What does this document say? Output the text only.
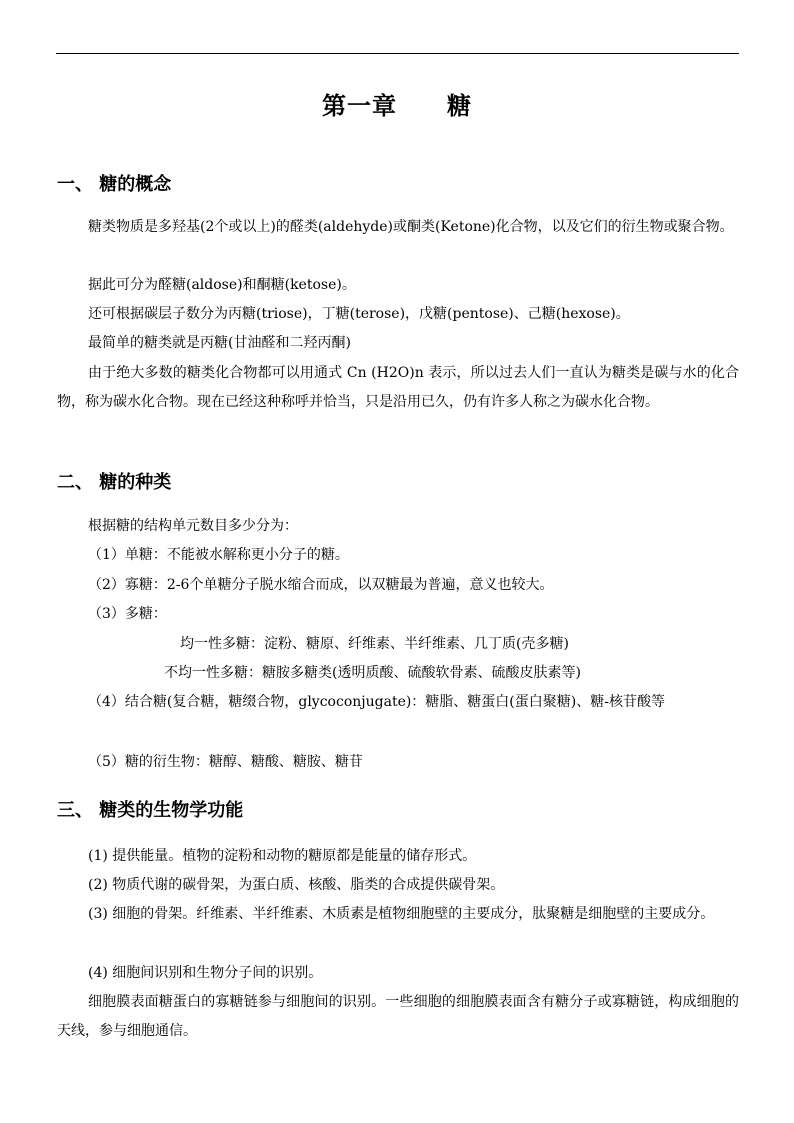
第一章　　糖
一、 糖的概念
糖类物质是多羟基(2个或以上)的醛类(aldehyde)或酮类(Ketone)化合物，以及它们的衍生物或聚合物。
据此可分为醛糖(aldose)和酮糖(ketose)。
还可根据碳层子数分为丙糖(triose)，丁糖(terose)，戊糖(pentose)、己糖(hexose)。
最简单的糖类就是丙糖(甘油醛和二羟丙酮)
由于绝大多数的糖类化合物都可以用通式 Cn (H2O)n 表示，所以过去人们一直认为糖类是碳与水的化合物，称为碳水化合物。现在已经这种称呼并恰当，只是沿用已久，仍有许多人称之为碳水化合物。
二、 糖的种类
根据糖的结构单元数目多少分为：
（1）单糖：不能被水解称更小分子的糖。
（2）寡糖：2-6个单糖分子脱水缩合而成，以双糖最为普遍，意义也较大。
（3）多糖：
均一性多糖：淀粉、糖原、纤维素、半纤维素、几丁质(壳多糖)
不均一性多糖：糖胺多糖类(透明质酸、硫酸软骨素、硫酸皮肤素等)
（4）结合糖(复合糖，糖缀合物，glycoconjugate)：糖脂、糖蛋白(蛋白聚糖)、糖-核苷酸等
（5）糖的衍生物：糖醇、糖酸、糖胺、糖苷
三、 糖类的生物学功能
(1) 提供能量。植物的淀粉和动物的糖原都是能量的储存形式。
(2) 物质代谢的碳骨架，为蛋白质、核酸、脂类的合成提供碳骨架。
(3) 细胞的骨架。纤维素、半纤维素、木质素是植物细胞壁的主要成分，肽聚糖是细胞壁的主要成分。
(4) 细胞间识别和生物分子间的识别。
细胞膜表面糖蛋白的寡糖链参与细胞间的识别。一些细胞的细胞膜表面含有糖分子或寡糖链，构成细胞的天线，参与细胞通信。
